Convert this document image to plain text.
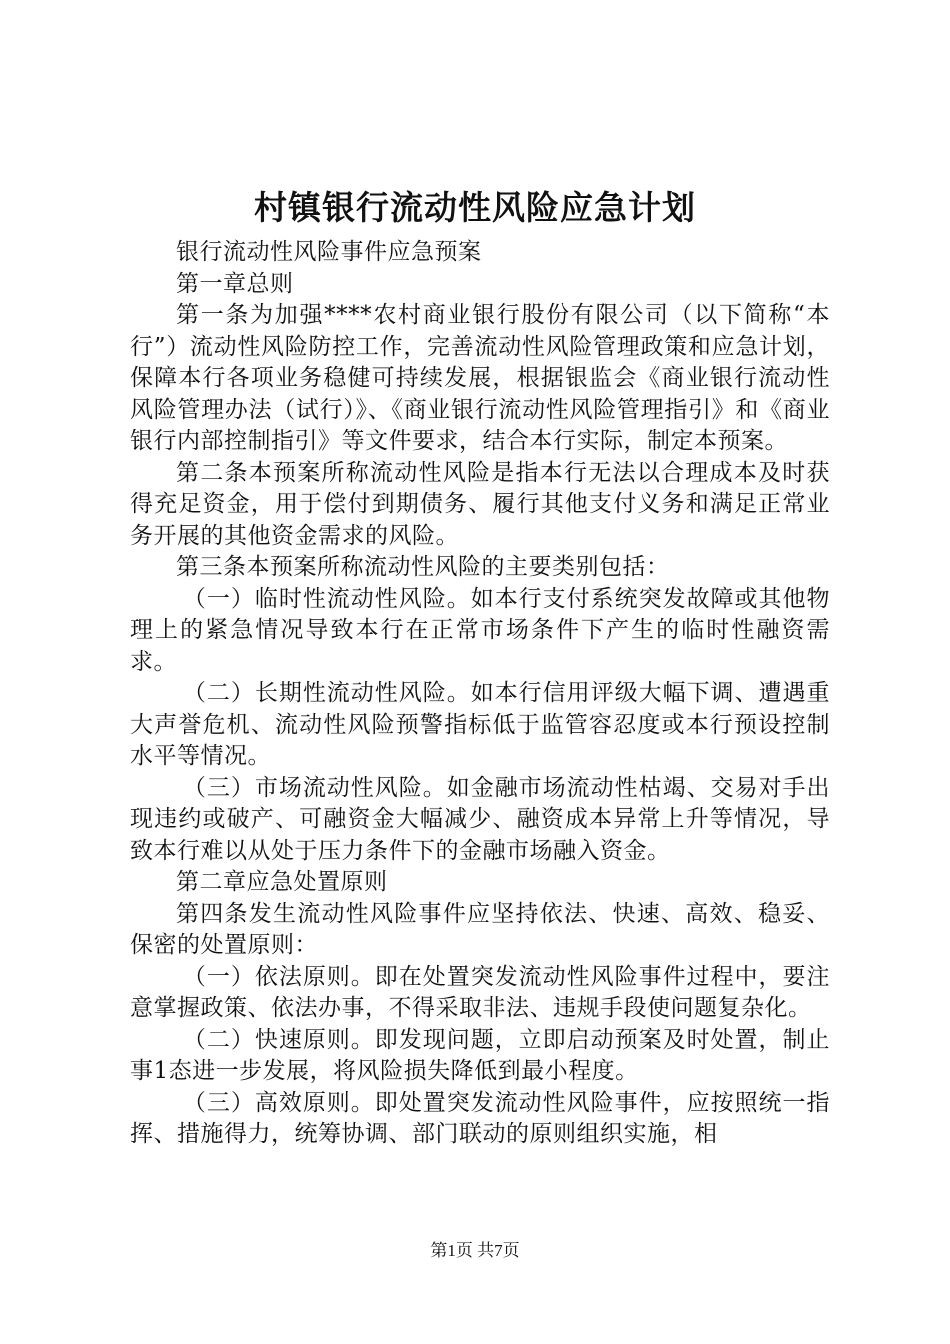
村镇银行流动性风险应急计划

银行流动性风险事件应急预案

第一章总则

第一条为加强****农村商业银行股份有限公司（以下简称“本行”）流动性风险防控工作，完善流动性风险管理政策和应急计划，保障本行各项业务稳健可持续发展，根据银监会《商业银行流动性风险管理办法（试行）》、《商业银行流动性风险管理指引》和《商业银行内部控制指引》等文件要求，结合本行实际，制定本预案。

第二条本预案所称流动性风险是指本行无法以合理成本及时获得充足资金，用于偿付到期债务、履行其他支付义务和满足正常业务开展的其他资金需求的风险。

第三条本预案所称流动性风险的主要类别包括：

（一）临时性流动性风险。如本行支付系统突发故障或其他物理上的紧急情况导致本行在正常市场条件下产生的临时性融资需求。

（二）长期性流动性风险。如本行信用评级大幅下调、遭遇重大声誉危机、流动性风险预警指标低于监管容忍度或本行预设控制水平等情况。

（三）市场流动性风险。如金融市场流动性枯竭、交易对手出现违约或破产、可融资金大幅减少、融资成本异常上升等情况，导致本行难以从处于压力条件下的金融市场融入资金。

第二章应急处置原则

第四条发生流动性风险事件应坚持依法、快速、高效、稳妥、保密的处置原则：

（一）依法原则。即在处置突发流动性风险事件过程中，要注意掌握政策、依法办事，不得采取非法、违规手段使问题复杂化。

（二）快速原则。即发现问题，立即启动预案及时处置，制止事1态进一步发展，将风险损失降低到最小程度。

（三）高效原则。即处置突发流动性风险事件，应按照统一指挥、措施得力，统筹协调、部门联动的原则组织实施，相

第1页 共7页
